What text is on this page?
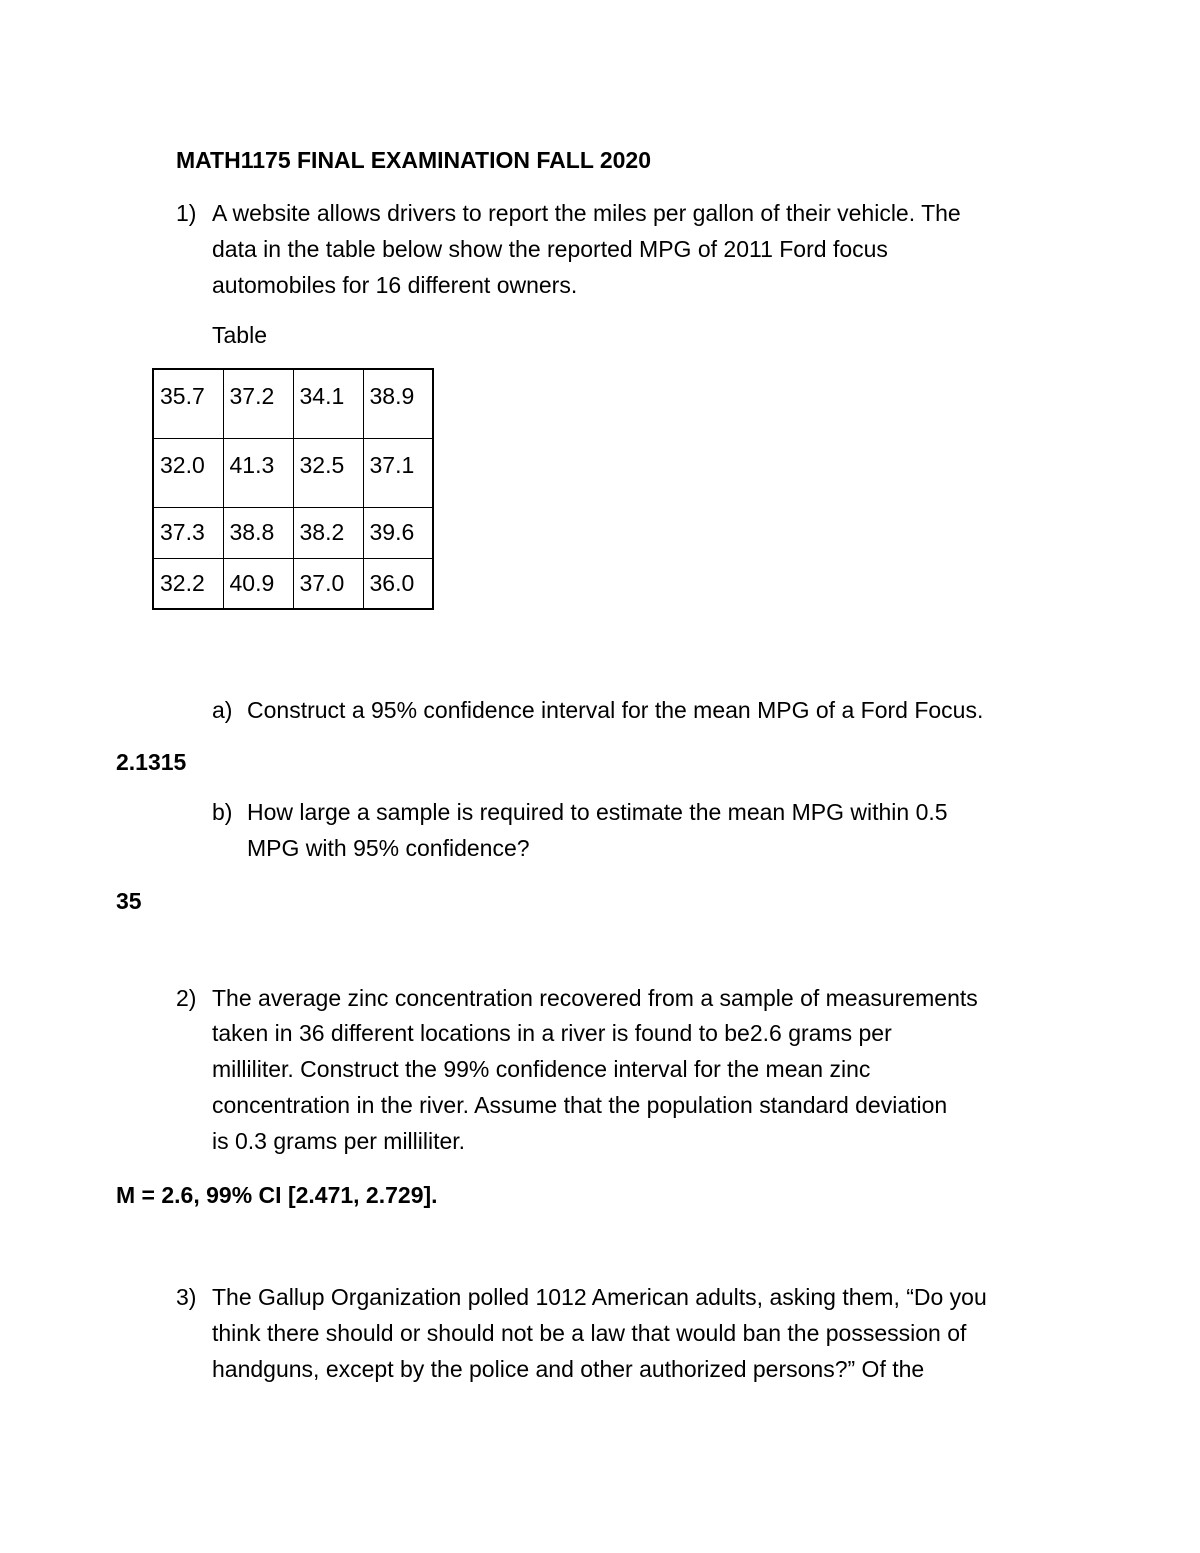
MATH1175 FINAL EXAMINATION FALL 2020
1) A website allows drivers to report the miles per gallon of their vehicle. The
data in the table below show the reported MPG of 2011 Ford focus
automobiles for 16 different owners.
Table
35.7	37.2	34.1	38.9
32.0	41.3	32.5	37.1
37.3	38.8	38.2	39.6
32.2	40.9	37.0	36.0
a) Construct a 95% confidence interval for the mean MPG of a Ford Focus.
2.1315
b) How large a sample is required to estimate the mean MPG within 0.5
MPG with 95% confidence?
35
2) The average zinc concentration recovered from a sample of measurements
taken in 36 different locations in a river is found to be2.6 grams per
milliliter. Construct the 99% confidence interval for the mean zinc
concentration in the river. Assume that the population standard deviation
is 0.3 grams per milliliter.
M = 2.6, 99% CI [2.471, 2.729].
3) The Gallup Organization polled 1012 American adults, asking them, “Do you
think there should or should not be a law that would ban the possession of
handguns, except by the police and other authorized persons?” Of the
